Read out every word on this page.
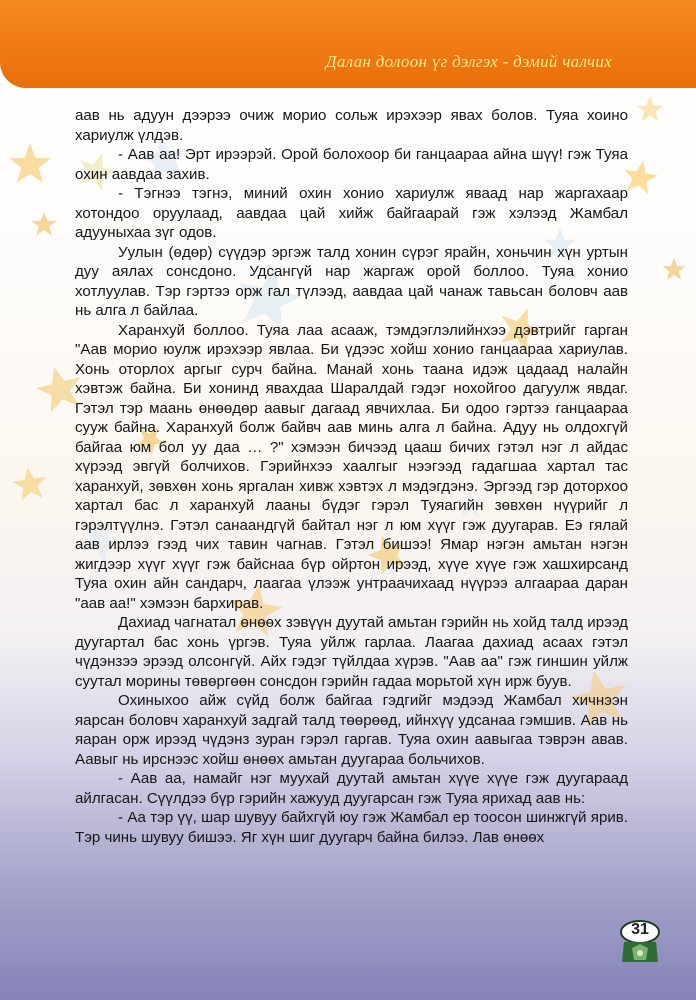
Далан долоон үг дэлгэх - дэмий чалчих

аав нь адуун дээрээ очиж морио сольж ирэхээр явах болов. Туяа хоино хариулж үлдэв.

- Аав аа! Эрт ирээрэй. Орой болохоор би ганцаараа айна шүү! гэж Туяа охин аавдаа захив.

- Тэгнээ тэгнэ, миний охин хонио хариулж яваад нар жаргахаар хотондоо оруулаад, аавдаа цай хийж байгаарай гэж хэлээд Жамбал адууныхаа зүг одов.

Уулын (өдөр) сүүдэр эргэж талд хонин сүрэг ярайн, хоньчин хүн уртын дуу аялах сонсдоно. Удсангүй нар жаргаж орой боллоо. Туяа хонио хотлуулав. Тэр гэртээ орж гал түлээд, аавдаа цай чанаж тавьсан боловч аав нь алга л байлаа.

Харанхуй боллоо. Туяа лаа асааж, тэмдэглэлийнхээ дэвтрийг гарган "Аав морио юулж ирэхээр явлаа. Би үдээс хойш хонио ганцаараа хариулав. Хонь оторлох аргыг сурч байна. Манай хонь таана идэж цадаад налайн хэвтэж байна. Би хонинд явахдаа Шаралдай гэдэг нохойгоо дагуулж явдаг. Гэтэл тэр маань өнөөдөр аавыг дагаад явчихлаа. Би одоо гэртээ ганцаараа сууж байна. Харанхуй болж байвч аав минь алга л байна. Адуу нь олдохгүй байгаа юм бол уу даа … ?" хэмээн бичээд цааш бичих гэтэл нэг л айдас хүрээд эвгүй болчихов. Гэрийнхээ хаалгыг нээгээд гадагшаа хартал тас харанхуй, зөвхөн хонь яргалан хивж хэвтэх л мэдэгдэнэ. Эргээд гэр доторхоо хартал бас л харанхуй лааны бүдэг гэрэл Туяагийн зөвхөн нүүрийг л гэрэлтүүлнэ. Гэтэл санаандгүй байтал нэг л юм хүүг гэж дуугарав. Еэ гялай аав ирлээ гээд чих тавин чагнав. Гэтэл бишээ! Ямар нэгэн амьтан нэгэн жигдээр хүүг хүүг гэж байснаа бүр ойртон ирээд, хүүе хүүе гэж хашхирсанд Туяа охин айн сандарч, лаагаа үлээж унтраачихаад нүүрээ алгаараа даран "аав аа!" хэмээн бархирав.

Дахиад чагнатал өнөөх зэвүүн дуутай амьтан гэрийн нь хойд талд ирээд дуугартал бас хонь үргэв. Туяа уйлж гарлаа. Лаагаа дахиад асаах гэтэл чүдэнзээ эрээд олсонгүй. Айх гэдэг түйлдаа хүрэв. "Аав аа" гэж гиншин уйлж суутал морины төвөргөөн сонсдон гэрийн гадаа морьтой хүн ирж буув.

Охиныхоо айж сүйд болж байгаа гэдгийг мэдээд Жамбал хичнээн яарсан боловч харанхуй задгай талд төөрөөд, ийнхүү удсанаа гэмшив. Аав нь яаран орж ирээд чүдэнз зуран гэрэл гаргав. Туяа охин аавыгаа тэврэн авав. Аавыг нь ирснээс хойш өнөөх амьтан дуугараа больчихов.

- Аав аа, намайг нэг муухай дуутай амьтан хүүе хүүе гэж дуугараад айлгасан. Сүүлдээ бүр гэрийн хажууд дуугарсан гэж Туяа ярихад аав нь:

- Аа тэр үү, шар шувуу байхгүй юу гэж Жамбал ер тоосон шинжгүй ярив. Тэр чинь шувуу бишээ. Яг хүн шиг дуугарч байна билээ. Лав өнөөх

31
